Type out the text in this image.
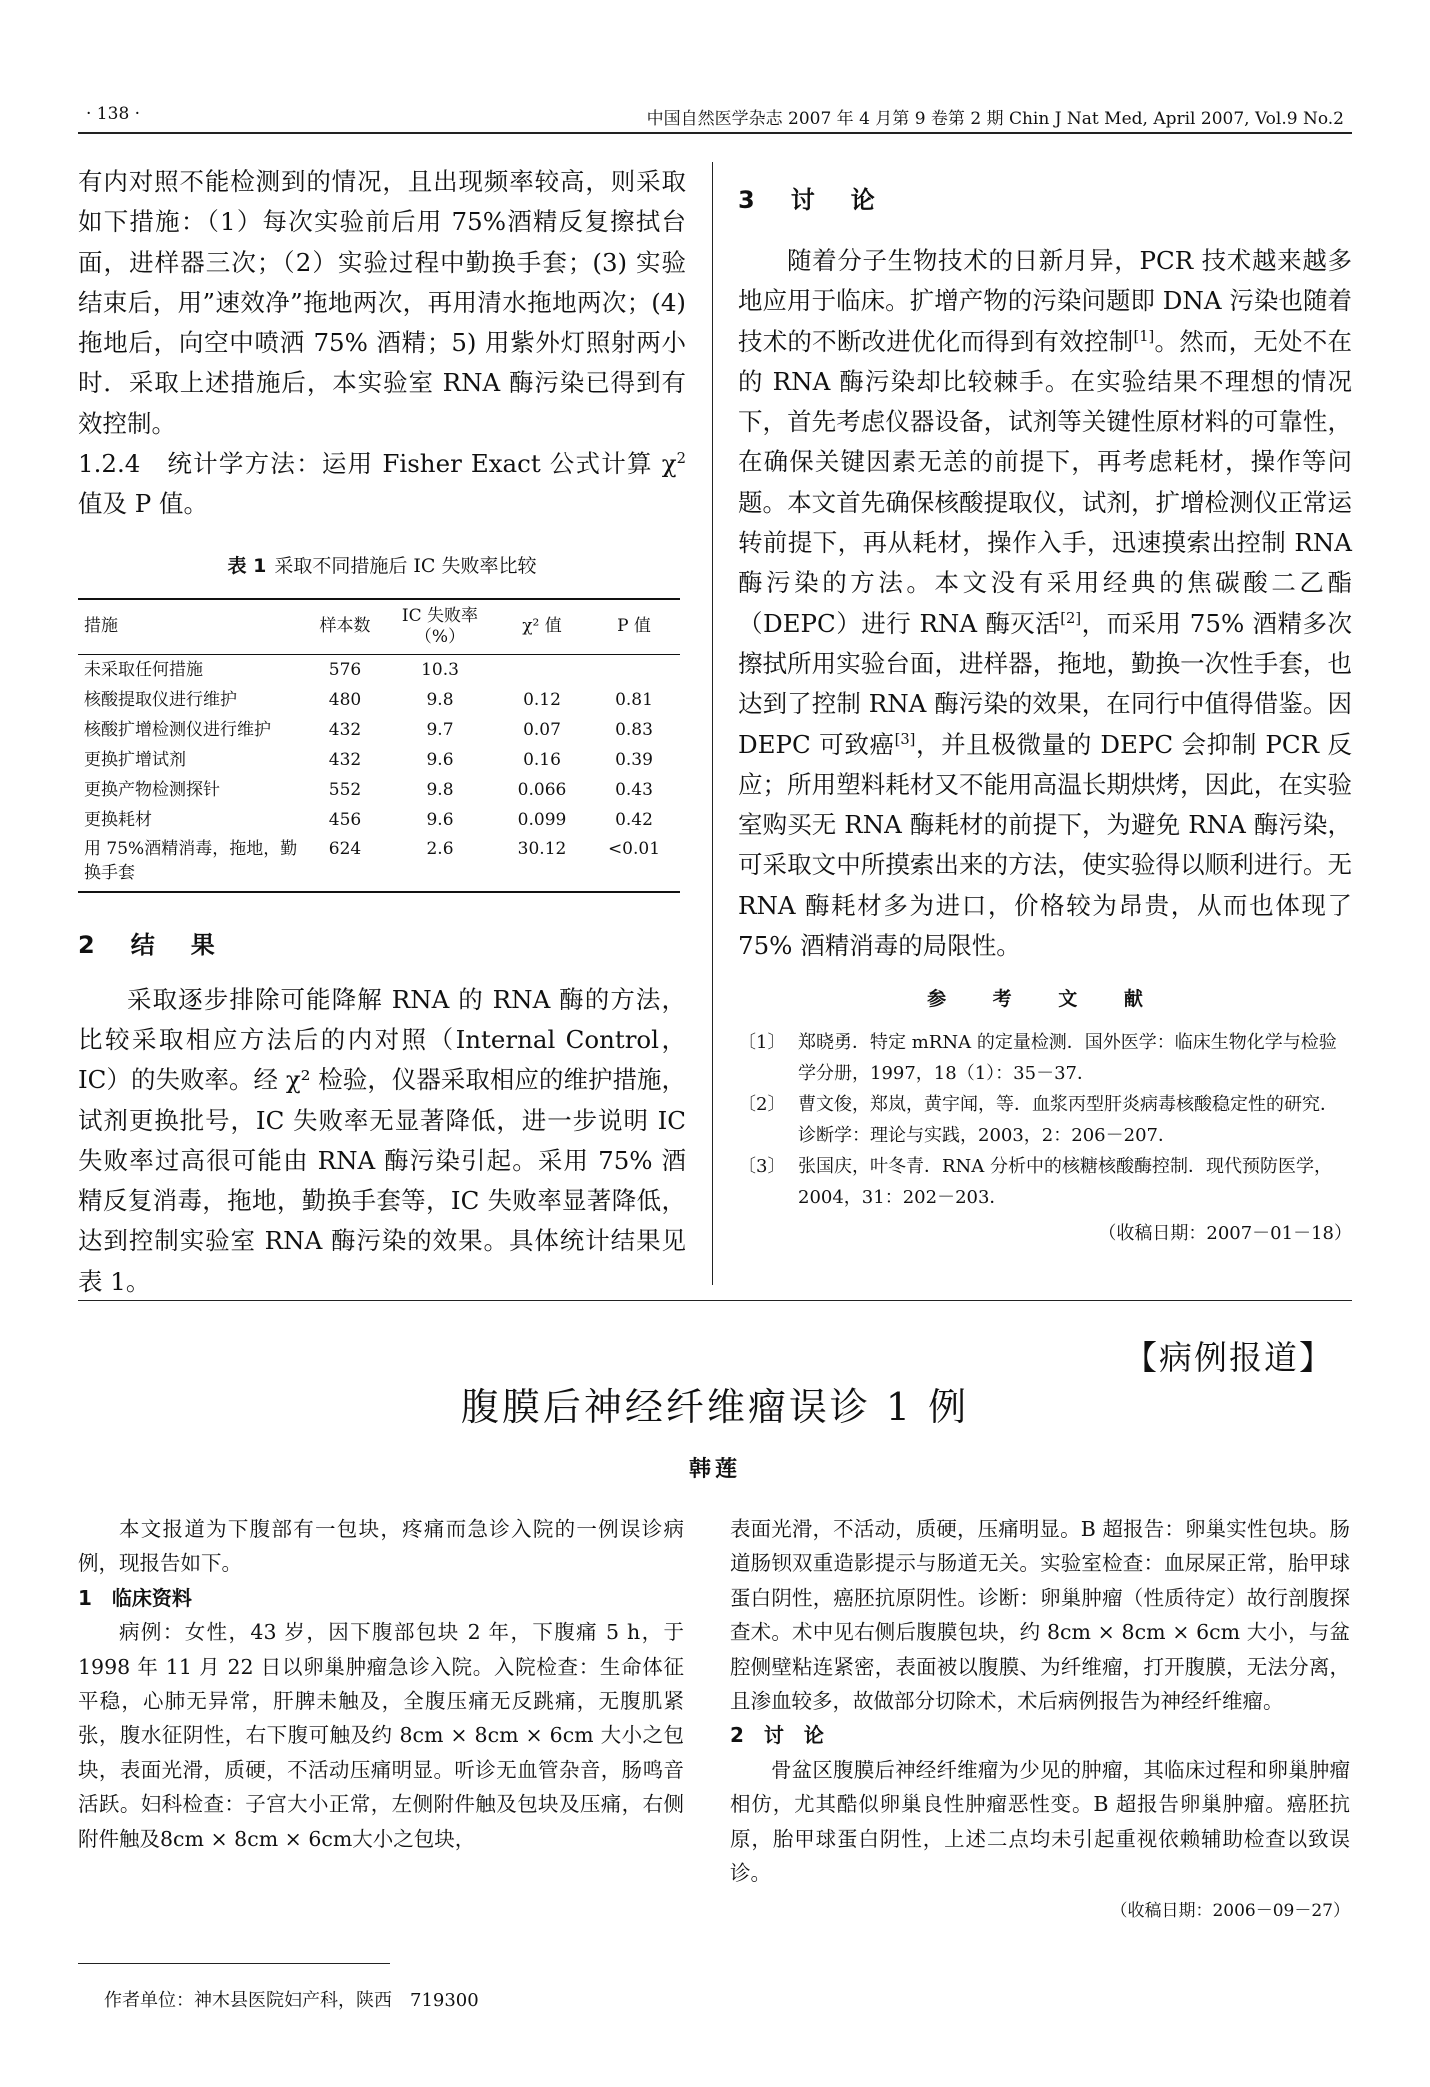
· 138 ·	中国自然医学杂志 2007 年 4 月第 9 卷第 2 期 Chin J Nat Med, April 2007, Vol.9 No.2

有内对照不能检测到的情况，且出现频率较高，则采取如下措施：（1）每次实验前后用 75%酒精反复擦拭台面，进样器三次；（2）实验过程中勤换手套；(3) 实验结束后，用”速效净”拖地两次，再用清水拖地两次；(4) 拖地后，向空中喷洒 75% 酒精；5) 用紫外灯照射两小时．采取上述措施后，本实验室 RNA 酶污染已得到有效控制。

1.2.4　统计学方法：运用 Fisher Exact 公式计算 $\chi^2$ 值及 P 值。

表 1 采取不同措施后 IC 失败率比较

措施	样本数	IC 失败率（%）	χ² 值	P 值
未采取任何措施	576	10.3		
核酸提取仪进行维护	480	9.8	0.12	0.81
核酸扩增检测仪进行维护	432	9.7	0.07	0.83
更换扩增试剂	432	9.6	0.16	0.39
更换产物检测探针	552	9.8	0.066	0.43
更换耗材	456	9.6	0.099	0.42
用 75%酒精消毒，拖地，勤换手套	624	2.6	30.12	<0.01

2　结　果

采取逐步排除可能降解 RNA 的 RNA 酶的方法，比较采取相应方法后的内对照（Internal Control，IC）的失败率。经 χ² 检验，仪器采取相应的维护措施，试剂更换批号，IC 失败率无显著降低，进一步说明 IC 失败率过高很可能由 RNA 酶污染引起。采用 75% 酒精反复消毒，拖地，勤换手套等，IC 失败率显著降低，达到控制实验室 RNA 酶污染的效果。具体统计结果见表 1。

3　讨　论

随着分子生物技术的日新月异，PCR 技术越来越多地应用于临床。扩增产物的污染问题即 DNA 污染也随着技术的不断改进优化而得到有效控制[1]。然而，无处不在的 RNA 酶污染却比较棘手。在实验结果不理想的情况下，首先考虑仪器设备，试剂等关键性原材料的可靠性，在确保关键因素无恙的前提下，再考虑耗材，操作等问题。本文首先确保核酸提取仪，试剂，扩增检测仪正常运转前提下，再从耗材，操作入手，迅速摸索出控制 RNA 酶污染的方法。本文没有采用经典的焦碳酸二乙酯（DEPC）进行 RNA 酶灭活[2]，而采用 75% 酒精多次擦拭所用实验台面，进样器，拖地，勤换一次性手套，也达到了控制 RNA 酶污染的效果，在同行中值得借鉴。因 DEPC 可致癌[3]，并且极微量的 DEPC 会抑制 PCR 反应；所用塑料耗材又不能用高温长期烘烤，因此，在实验室购买无 RNA 酶耗材的前提下，为避免 RNA 酶污染，可采取文中所摸索出来的方法，使实验得以顺利进行。无 RNA 酶耗材多为进口，价格较为昂贵，从而也体现了 75% 酒精消毒的局限性。

参 考 文 献
〔1〕 郑晓勇．特定 mRNA 的定量检测．国外医学：临床生物化学与检验学分册，1997，18（1）：35－37．
〔2〕 曹文俊，郑岚，黄宇闻，等．血浆丙型肝炎病毒核酸稳定性的研究．诊断学：理论与实践，2003，2：206－207．
〔3〕 张国庆，叶冬青．RNA 分析中的核糖核酸酶控制．现代预防医学，2004，31：202－203．
（收稿日期：2007－01－18）
【病例报道】
腹膜后神经纤维瘤误诊 1 例
韩莲

本文报道为下腹部有一包块，疼痛而急诊入院的一例误诊病例，现报告如下。

1　临床资料

病例：女性，43 岁，因下腹部包块 2 年，下腹痛 5 h，于 1998 年 11 月 22 日以卵巢肿瘤急诊入院。入院检查：生命体征平稳，心肺无异常，肝脾未触及，全腹压痛无反跳痛，无腹肌紧张，腹水征阴性，右下腹可触及约 8cm × 8cm × 6cm 大小之包块，表面光滑，质硬，不活动压痛明显。听诊无血管杂音，肠鸣音活跃。妇科检查：子宫大小正常，左侧附件触及包块及压痛，右侧附件触及8cm × 8cm × 6cm大小之包块，

表面光滑，不活动，质硬，压痛明显。B 超报告：卵巢实性包块。肠道肠钡双重造影提示与肠道无关。实验室检查：血尿屎正常，胎甲球蛋白阴性，癌胚抗原阴性。诊断：卵巢肿瘤（性质待定）故行剖腹探查术。术中见右侧后腹膜包块，约 8cm × 8cm × 6cm 大小，与盆腔侧壁粘连紧密，表面被以腹膜、为纤维瘤，打开腹膜，无法分离，且渗血较多，故做部分切除术，术后病例报告为神经纤维瘤。

2　讨　论

骨盆区腹膜后神经纤维瘤为少见的肿瘤，其临床过程和卵巢肿瘤相仿，尤其酷似卵巢良性肿瘤恶性变。B 超报告卵巢肿瘤。癌胚抗原，胎甲球蛋白阴性，上述二点均未引起重视依赖辅助检查以致误诊。

（收稿日期：2006－09－27）
作者单位：神木县医院妇产科，陕西　719300
